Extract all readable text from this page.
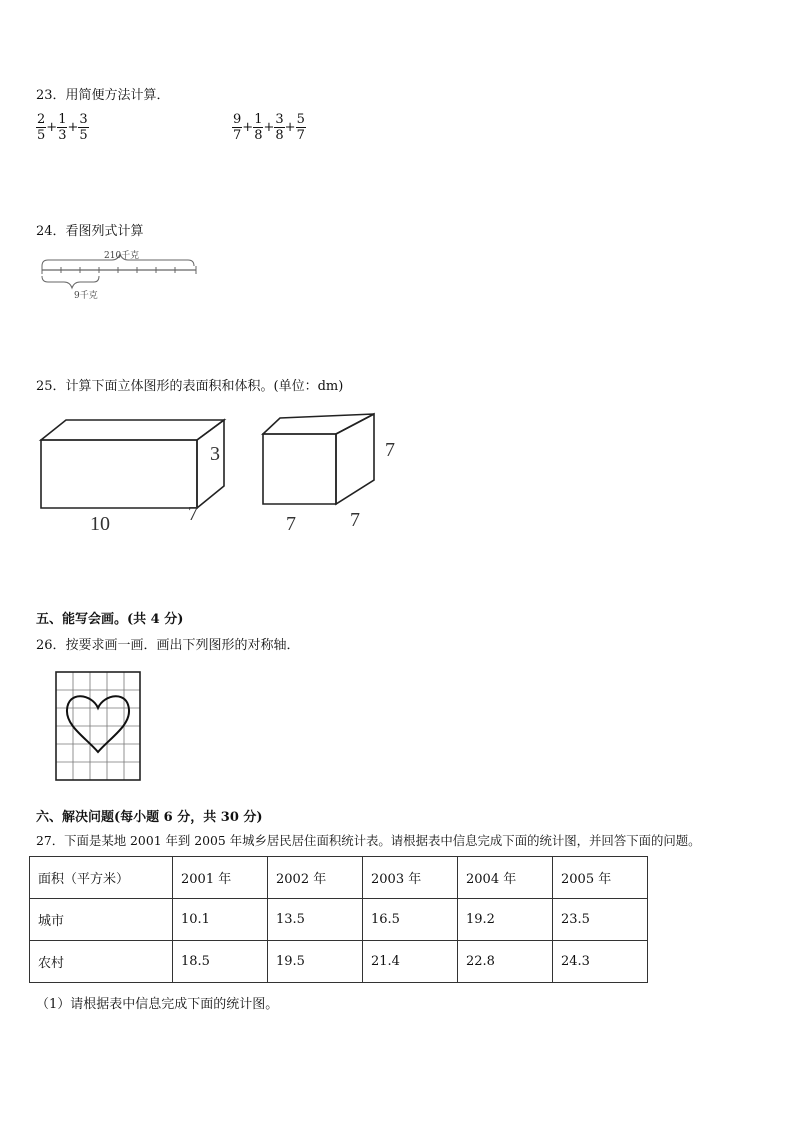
23．用简便方法计算．
$\frac{2}{5} + \frac{1}{3} + \frac{3}{5}$	$\frac{9}{7} + \frac{1}{8} + \frac{3}{8} + \frac{5}{7}$
24．看图列式计算
210千克
9千克
25．计算下面立体图形的表面积和体积。(单位：dm)
10	7
3
7	7
7
五、能写会画。(共 4 分)
26．按要求画一画．画出下列图形的对称轴．
六、解决问题(每小题 6 分，共 30 分)
27．下面是某地 2001 年到 2005 年城乡居民居住面积统计表。请根据表中信息完成下面的统计图，并回答下面的问题。
面积（平方米）	2001 年	2002 年	2003 年	2004 年	2005 年
城市	10.1	13.5	16.5	19.2	23.5
农村	18.5	19.5	21.4	22.8	24.3
（1）请根据表中信息完成下面的统计图。
